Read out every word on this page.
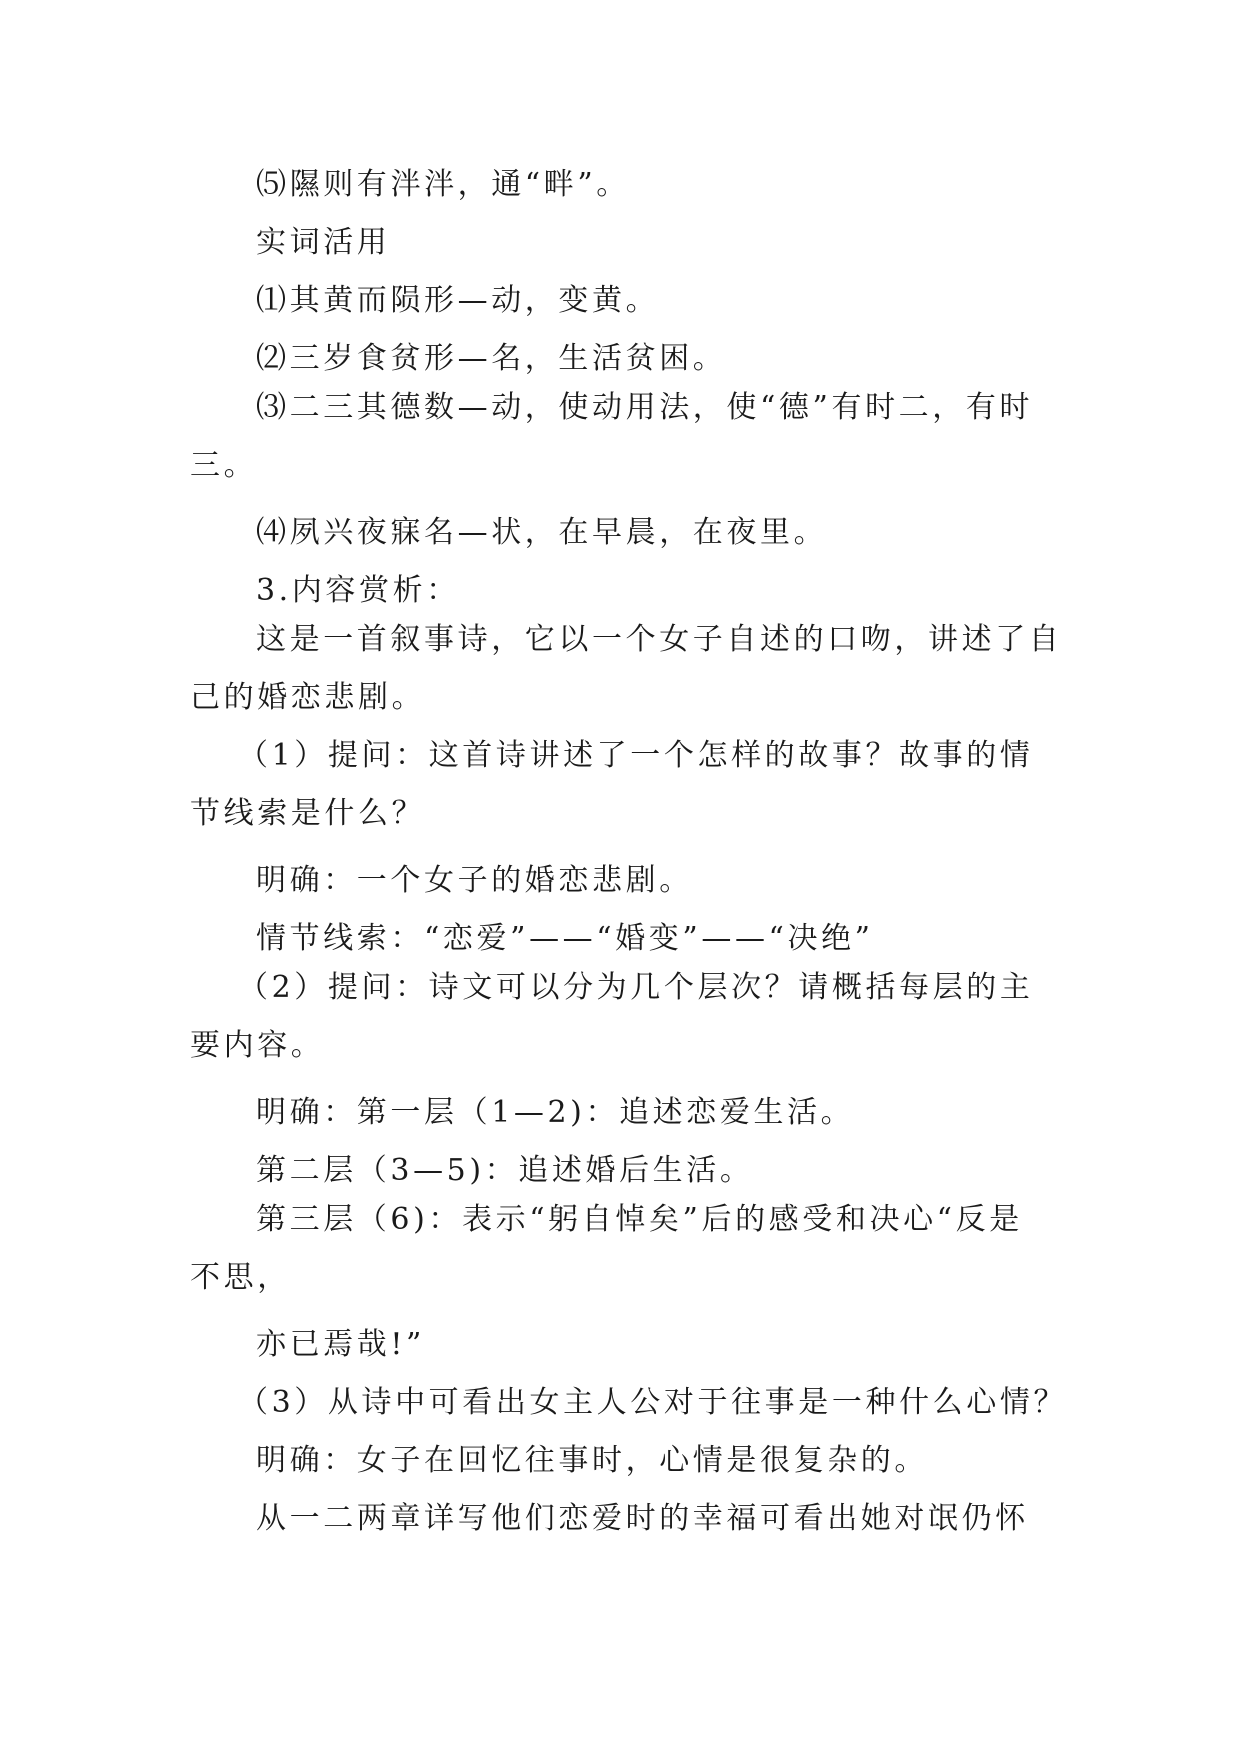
⑸隰则有泮泮，通“畔”。

实词活用

⑴其黄而陨形—动，变黄。

⑵三岁食贫形—名，生活贫困。

⑶二三其德数—动，使动用法，使“德”有时二，有时
三。

⑷夙兴夜寐名—状，在早晨，在夜里。

3.内容赏析：

这是一首叙事诗，它以一个女子自述的口吻，讲述了自
己的婚恋悲剧。

（1）提问：这首诗讲述了一个怎样的故事？故事的情
节线索是什么？

明确：一个女子的婚恋悲剧。

情节线索：“恋爱”——“婚变”——“决绝”

（2）提问：诗文可以分为几个层次？请概括每层的主
要内容。

明确：第一层（1—2)：追述恋爱生活。

第二层（3—5)：追述婚后生活。

第三层（6)：表示“躬自悼矣”后的感受和决心“反是
不思，

亦已焉哉!”

（3）从诗中可看出女主人公对于往事是一种什么心情？

明确：女子在回忆往事时，心情是很复杂的。

从一二两章详写他们恋爱时的幸福可看出她对氓仍怀
